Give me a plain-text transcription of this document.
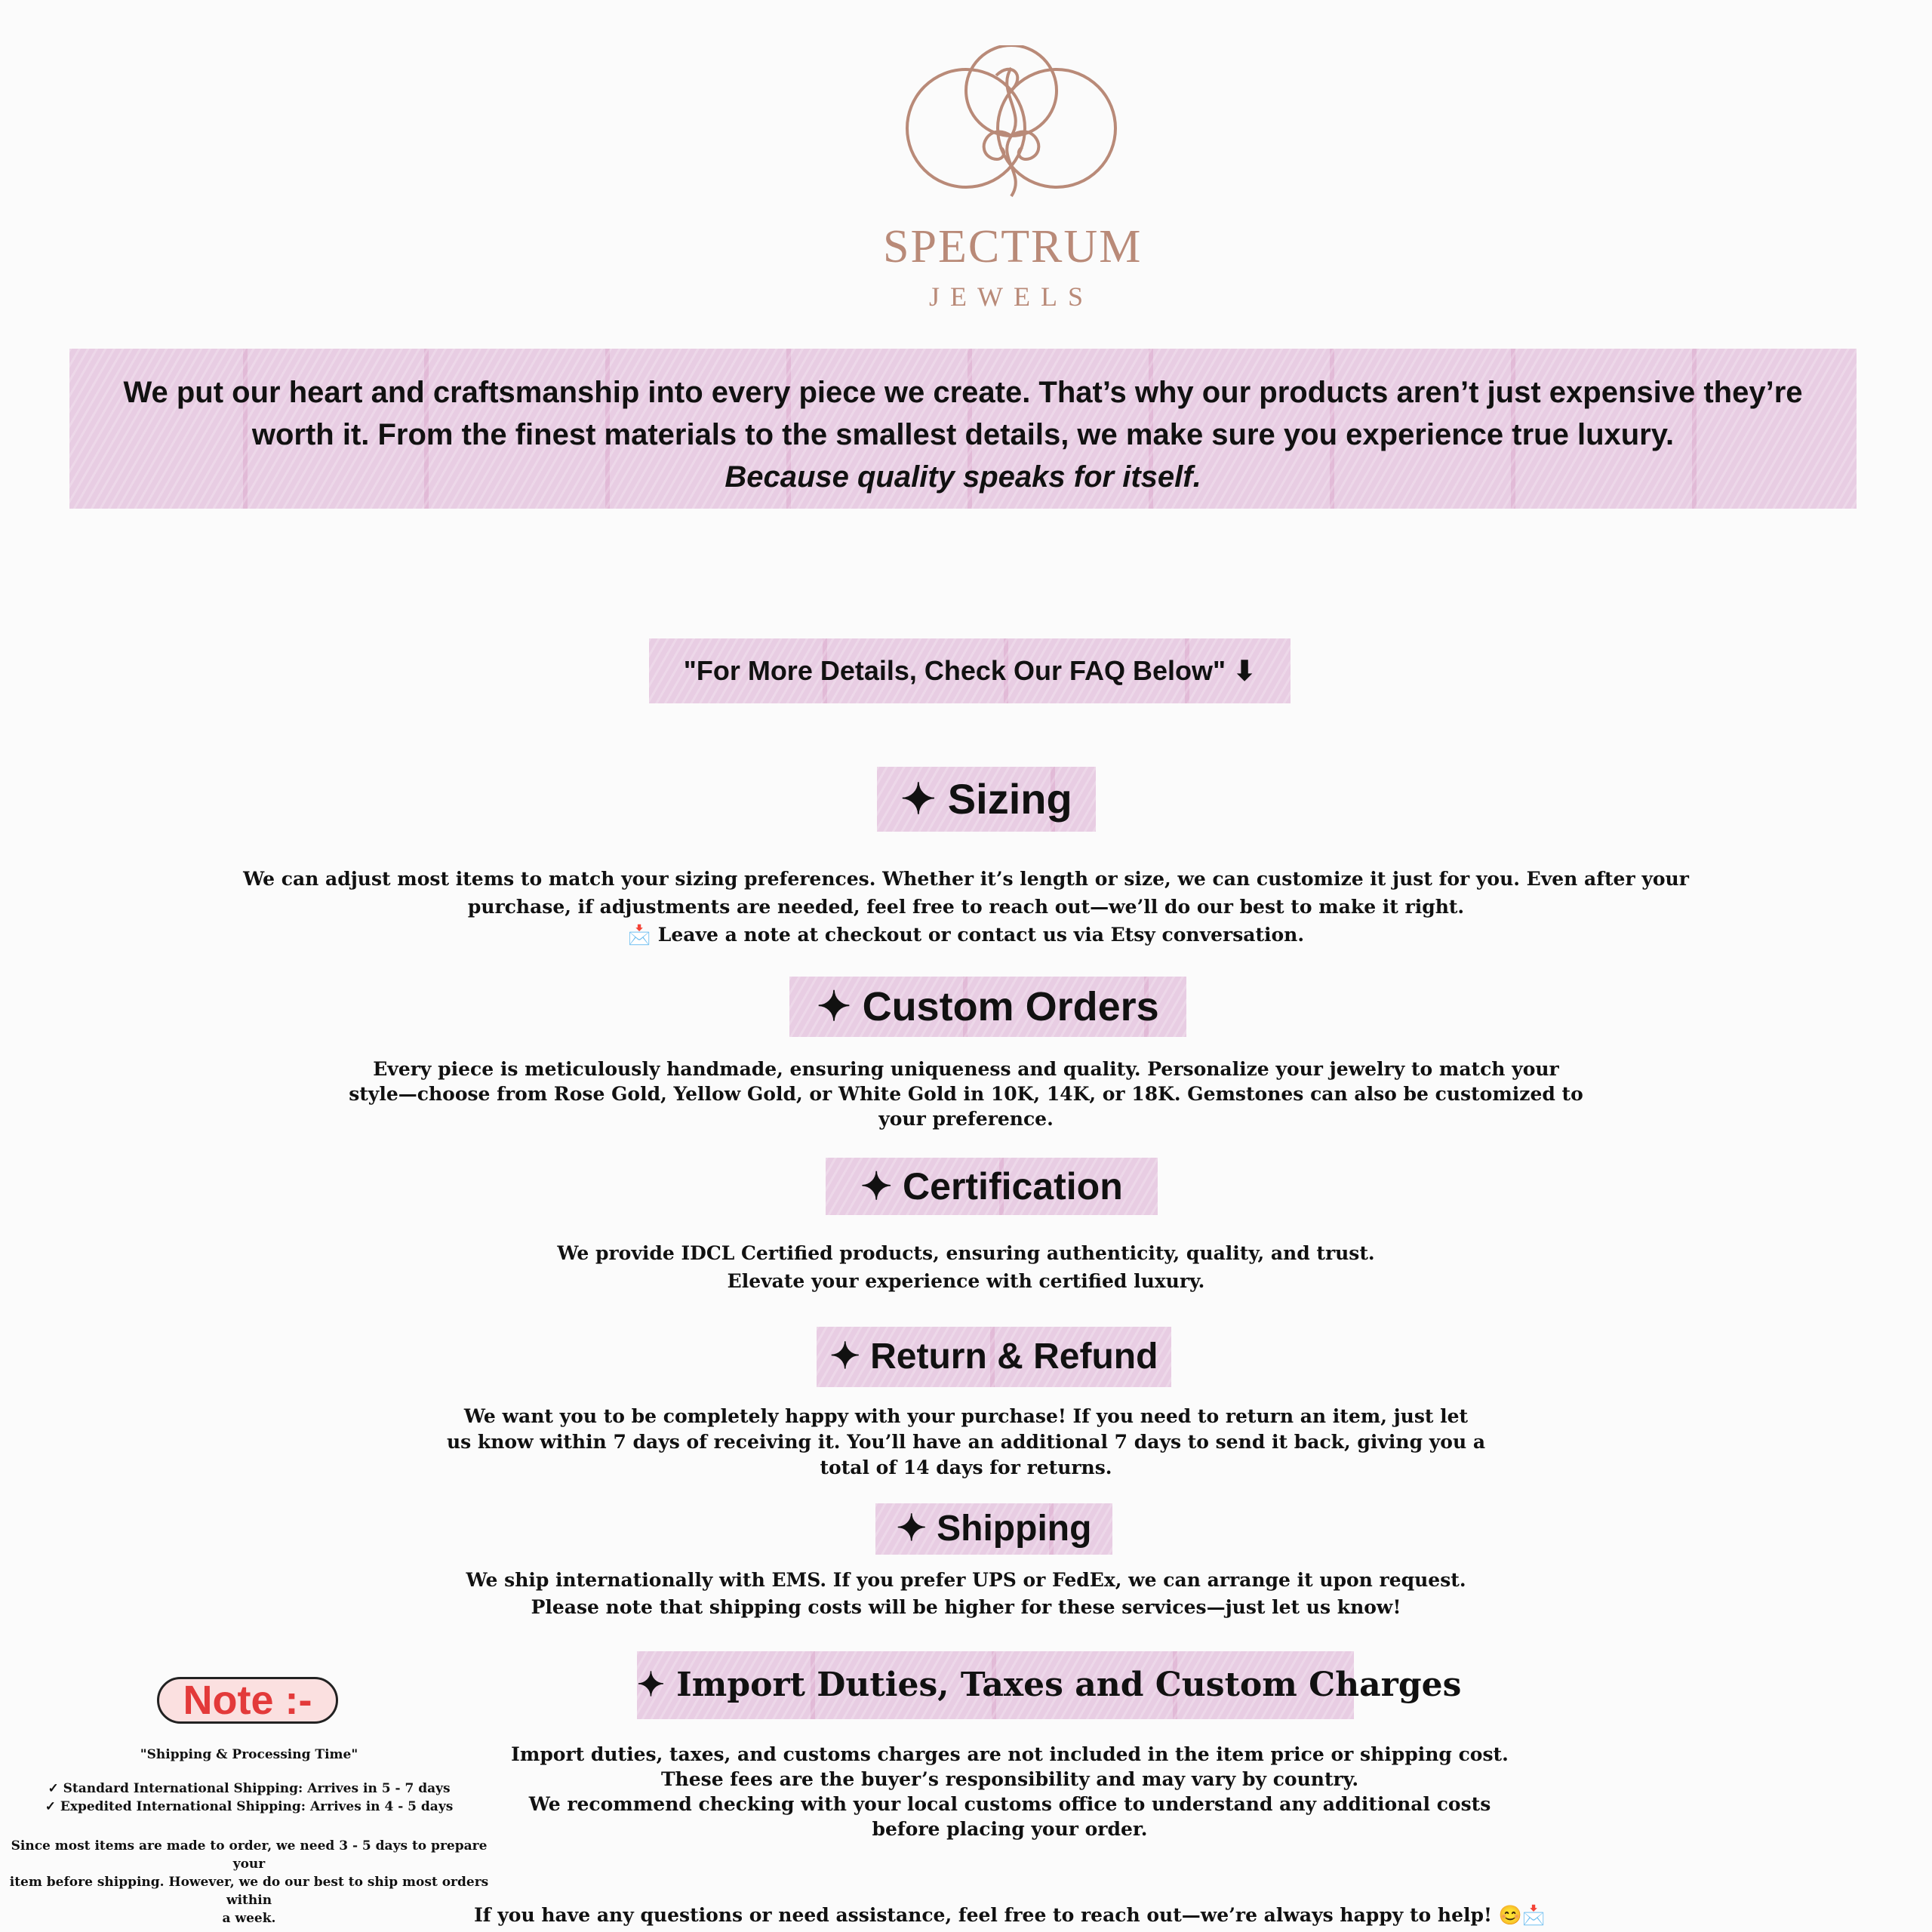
SPECTRUM
JEWELS
We put our heart and craftsmanship into every piece we create. That’s why our products aren’t just expensive they’re
worth it. From the finest materials to the smallest details, we make sure you experience true luxury.
Because quality speaks for itself.
"For More Details, Check Our FAQ Below" ⬇
✦ Sizing
We can adjust most items to match your sizing preferences. Whether it’s length or size, we can customize it just for you. Even after your
purchase, if adjustments are needed, feel free to reach out—we’ll do our best to make it right.
📩 Leave a note at checkout or contact us via Etsy conversation.
✦ Custom Orders
Every piece is meticulously handmade, ensuring uniqueness and quality. Personalize your jewelry to match your
style—choose from Rose Gold, Yellow Gold, or White Gold in 10K, 14K, or 18K. Gemstones can also be customized to
your preference.
✦ Certification
We provide IDCL Certified products, ensuring authenticity, quality, and trust.
Elevate your experience with certified luxury.
✦ Return & Refund
We want you to be completely happy with your purchase! If you need to return an item, just let
us know within 7 days of receiving it. You’ll have an additional 7 days to send it back, giving you a
total of 14 days for returns.
✦ Shipping
We ship internationally with EMS. If you prefer UPS or FedEx, we can arrange it upon request.
Please note that shipping costs will be higher for these services—just let us know!
✦ Import Duties, Taxes and Custom Charges
Import duties, taxes, and customs charges are not included in the item price or shipping cost.
These fees are the buyer’s responsibility and may vary by country.
We recommend checking with your local customs office to understand any additional costs
before placing your order.
If you have any questions or need assistance, feel free to reach out—we’re always happy to help! 😊📩
Note :-
"Shipping & Processing Time"
✓ Standard International Shipping: Arrives in 5 - 7 days
✓ Expedited International Shipping: Arrives in 4 - 5 days
Since most items are made to order, we need 3 - 5 days to prepare your
item before shipping. However, we do our best to ship most orders within
a week.
